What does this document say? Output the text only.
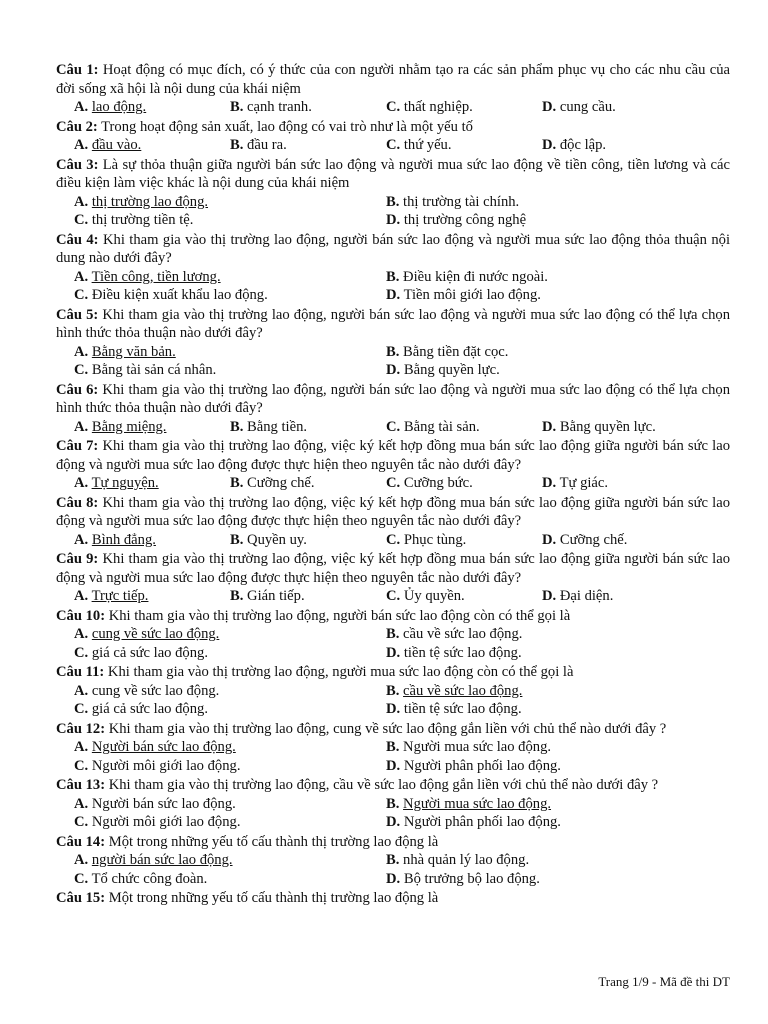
Câu 1: Hoạt động có mục đích, có ý thức của con người nhằm tạo ra các sản phẩm phục vụ cho các nhu cầu của đời sống xã hội là nội dung của khái niệm
A. lao động.	B. cạnh tranh.	C. thất nghiệp.	D. cung cầu.
Câu 2: Trong hoạt động sản xuất, lao động có vai trò như là một yếu tố
A. đầu vào.	B. đầu ra.	C. thứ yếu.	D. độc lập.
Câu 3: Là sự thỏa thuận giữa người bán sức lao động và người mua sức lao động về tiền công, tiền lương và các điều kiện làm việc khác là nội dung của khái niệm
A. thị trường lao động.	B. thị trường tài chính.
C. thị trường tiền tệ.	D. thị trường công nghệ
Câu 4: Khi tham gia vào thị trường lao động, người bán sức lao động và người mua sức lao động thỏa thuận nội dung nào dưới đây?
A. Tiền công, tiền lương.	B. Điều kiện đi nước ngoài.
C. Điều kiện xuất khẩu lao động.	D. Tiền môi giới lao động.
Câu 5: Khi tham gia vào thị trường lao động, người bán sức lao động và người mua sức lao động có thể lựa chọn hình thức thỏa thuận nào dưới đây?
A. Bằng văn bản.	B. Bằng tiền đặt cọc.
C. Bằng tài sản cá nhân.	D. Bằng quyền lực.
Câu 6: Khi tham gia vào thị trường lao động, người bán sức lao động và người mua sức lao động có thể lựa chọn hình thức thỏa thuận nào dưới đây?
A. Bằng miệng.	B. Bằng tiền.	C. Bằng tài sản.	D. Bằng quyền lực.
Câu 7: Khi tham gia vào thị trường lao động, việc ký kết hợp đồng mua bán sức lao động giữa người bán sức lao động và người mua sức lao động được thực hiện theo nguyên tắc nào dưới đây?
A. Tự nguyện.	B. Cưỡng chế.	C. Cưỡng bức.	D. Tự giác.
Câu 8: Khi tham gia vào thị trường lao động, việc ký kết hợp đồng mua bán sức lao động giữa người bán sức lao động và người mua sức lao động được thực hiện theo nguyên tắc nào dưới đây?
A. Bình đẳng.	B. Quyền uy.	C. Phục tùng.	D. Cưỡng chế.
Câu 9: Khi tham gia vào thị trường lao động, việc ký kết hợp đồng mua bán sức lao động giữa người bán sức lao động và người mua sức lao động được thực hiện theo nguyên tắc nào dưới đây?
A. Trực tiếp.	B. Gián tiếp.	C. Ủy quyền.	D. Đại diện.
Câu 10: Khi tham gia vào thị trường lao động, người bán sức lao động còn có thể gọi là
A. cung về sức lao động.	B. cầu về sức lao động.
C. giá cả sức lao động.	D. tiền tệ sức lao động.
Câu 11: Khi tham gia vào thị trường lao động, người mua sức lao động còn có thể gọi là
A. cung về sức lao động.	B. cầu về sức lao động.
C. giá cả sức lao động.	D. tiền tệ sức lao động.
Câu 12: Khi tham gia vào thị trường lao động, cung về sức lao động gắn liền với chủ thể nào dưới đây ?
A. Người bán sức lao động.	B. Người mua sức lao động.
C. Người môi giới lao động.	D. Người phân phối lao động.
Câu 13: Khi tham gia vào thị trường lao động, cầu về sức lao động gắn liền với chủ thể nào dưới đây ?
A. Người bán sức lao động.	B. Người mua sức lao động.
C. Người môi giới lao động.	D. Người phân phối lao động.
Câu 14: Một trong những yếu tố cấu thành thị trường lao động là
A. người bán sức lao động.	B. nhà quản lý lao động.
C. Tổ chức công đoàn.	D. Bộ trưởng bộ lao động.
Câu 15: Một trong những yếu tố cấu thành thị trường lao động là
Trang 1/9 - Mã đề thi DT
